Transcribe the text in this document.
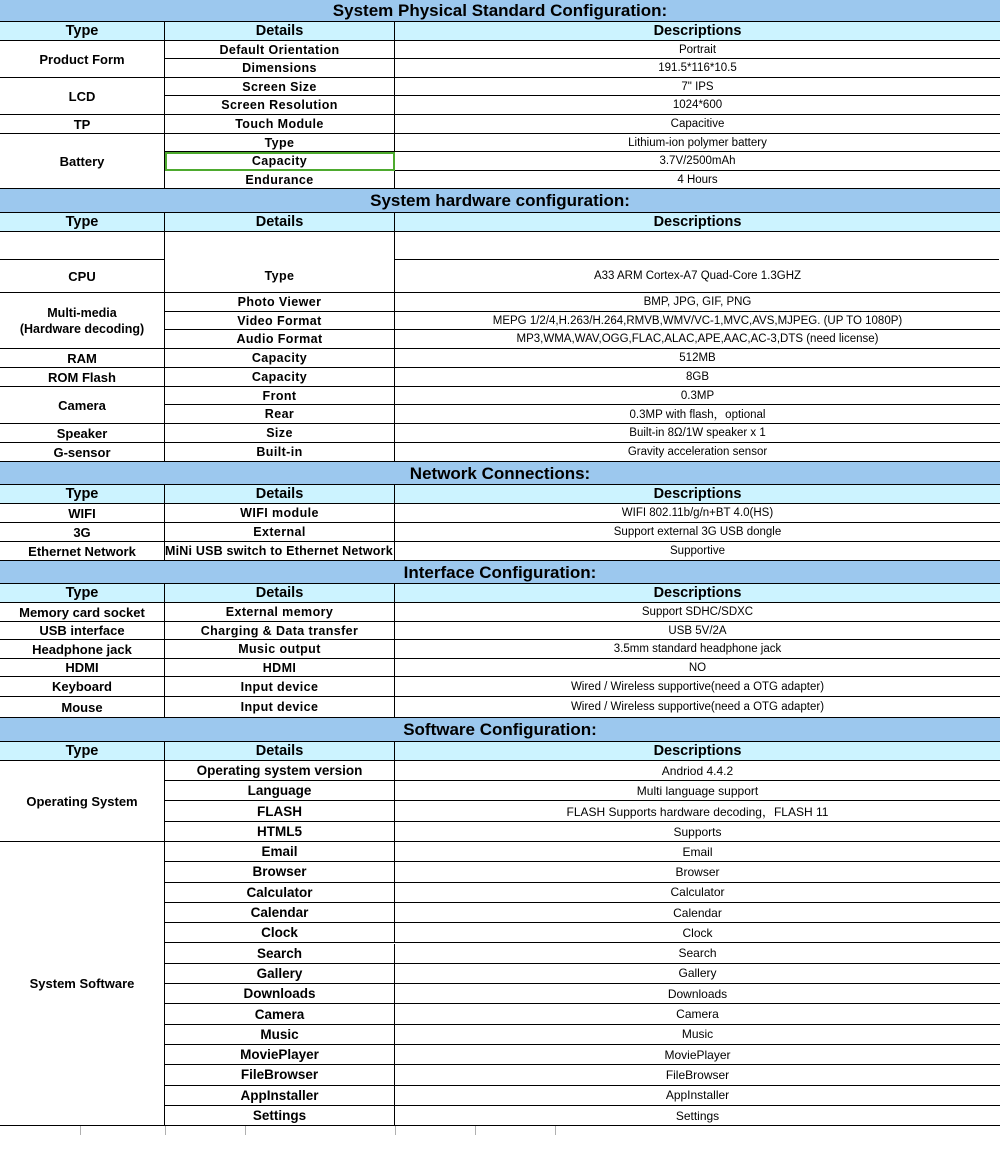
System Physical Standard Configuration:
Type	Details	Descriptions
Product Form
Default Orientation	Portrait
Dimensions	191.5*116*10.5
LCD
Screen Size	7" IPS
Screen Resolution	1024*600
TP	Touch Module	Capacitive
Battery
Type	Lithium-ion polymer battery
Capacity	3.7V/2500mAh
Endurance	4 Hours
System hardware configuration:
Type	Details	Descriptions
CPU	Type	A33 ARM Cortex-A7 Quad-Core 1.3GHZ
Multi-media
(Hardware decoding)
Photo Viewer	BMP, JPG, GIF, PNG
Video Format	MEPG 1/2/4,H.263/H.264,RMVB,WMV/VC-1,MVC,AVS,MJPEG. (UP TO 1080P)
Audio Format	MP3,WMA,WAV,OGG,FLAC,ALAC,APE,AAC,AC-3,DTS (need license)
RAM	Capacity	512MB
ROM Flash	Capacity	8GB
Camera
Front	0.3MP
Rear	0.3MP with flash，optional
Speaker	Size	Built-in 8Ω/1W speaker x 1
G-sensor	Built-in	Gravity acceleration sensor
Network Connections:
Type	Details	Descriptions
WIFI	WIFI module	WIFI 802.11b/g/n+BT 4.0(HS)
3G	External	Support external 3G USB dongle
Ethernet Network	MiNi USB switch to Ethernet Network	Supportive
Interface Configuration:
Type	Details	Descriptions
Memory card socket	External memory	Support SDHC/SDXC
USB interface	Charging & Data transfer	USB 5V/2A
Headphone jack	Music output	3.5mm standard headphone jack
HDMI	HDMI	NO
Keyboard	Input device	Wired / Wireless supportive(need a OTG adapter)
Mouse	Input device	Wired / Wireless supportive(need a OTG adapter)
Software Configuration:
Type	Details	Descriptions
Operating System
Operating system version	Andriod 4.4.2
Language	Multi language support
FLASH	FLASH Supports hardware decoding，FLASH 11
HTML5	Supports
System Software
Email	Email
Browser	Browser
Calculator	Calculator
Calendar	Calendar
Clock	Clock
Search	Search
Gallery	Gallery
Downloads	Downloads
Camera	Camera
Music	Music
MoviePlayer	MoviePlayer
FileBrowser	FileBrowser
AppInstaller	AppInstaller
Settings	Settings
